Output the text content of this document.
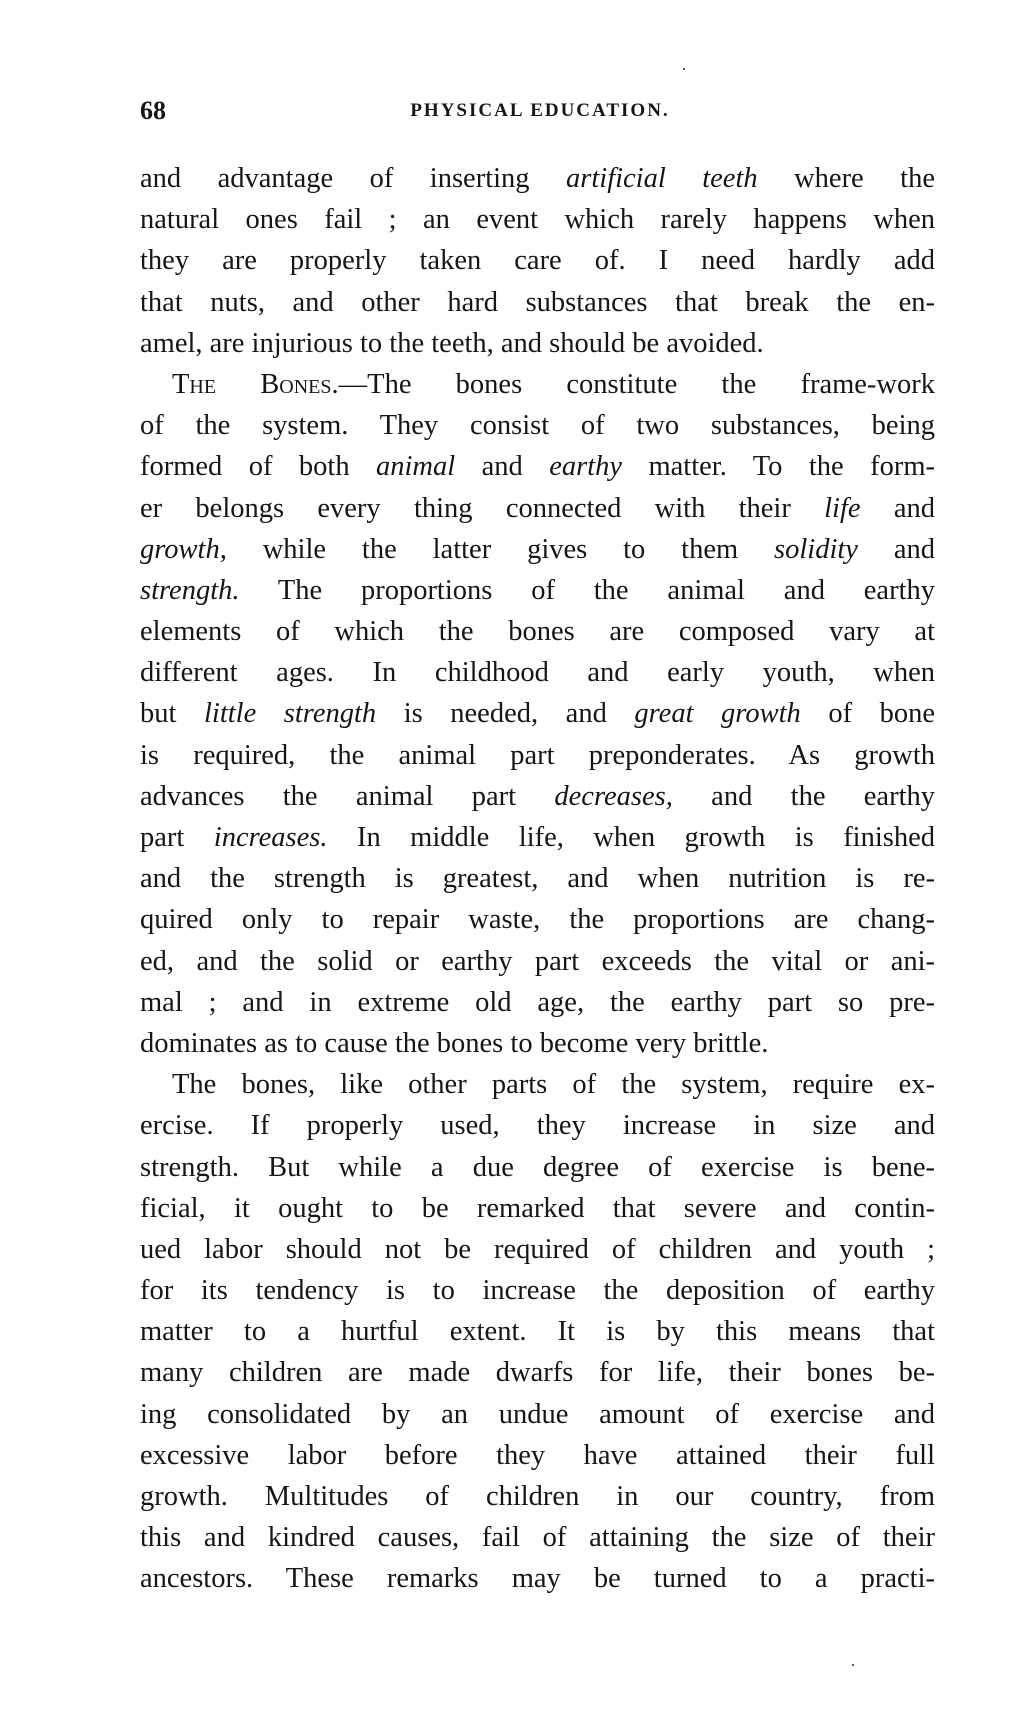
68	PHYSICAL EDUCATION.
and advantage of inserting artificial teeth where the
natural ones fail ; an event which rarely happens when
they are properly taken care of. I need hardly add
that nuts, and other hard substances that break the en-
amel, are injurious to the teeth, and should be avoided.
The Bones.—The bones constitute the frame-work
of the system. They consist of two substances, being
formed of both animal and earthy matter. To the form-
er belongs every thing connected with their life and
growth, while the latter gives to them solidity and
strength. The proportions of the animal and earthy
elements of which the bones are composed vary at
different ages. In childhood and early youth, when
but little strength is needed, and great growth of bone
is required, the animal part preponderates. As growth
advances the animal part decreases, and the earthy
part increases. In middle life, when growth is finished
and the strength is greatest, and when nutrition is re-
quired only to repair waste, the proportions are chang-
ed, and the solid or earthy part exceeds the vital or ani-
mal ; and in extreme old age, the earthy part so pre-
dominates as to cause the bones to become very brittle.
The bones, like other parts of the system, require ex-
ercise. If properly used, they increase in size and
strength. But while a due degree of exercise is bene-
ficial, it ought to be remarked that severe and contin-
ued labor should not be required of children and youth ;
for its tendency is to increase the deposition of earthy
matter to a hurtful extent. It is by this means that
many children are made dwarfs for life, their bones be-
ing consolidated by an undue amount of exercise and
excessive labor before they have attained their full
growth. Multitudes of children in our country, from
this and kindred causes, fail of attaining the size of their
ancestors. These remarks may be turned to a practi-
